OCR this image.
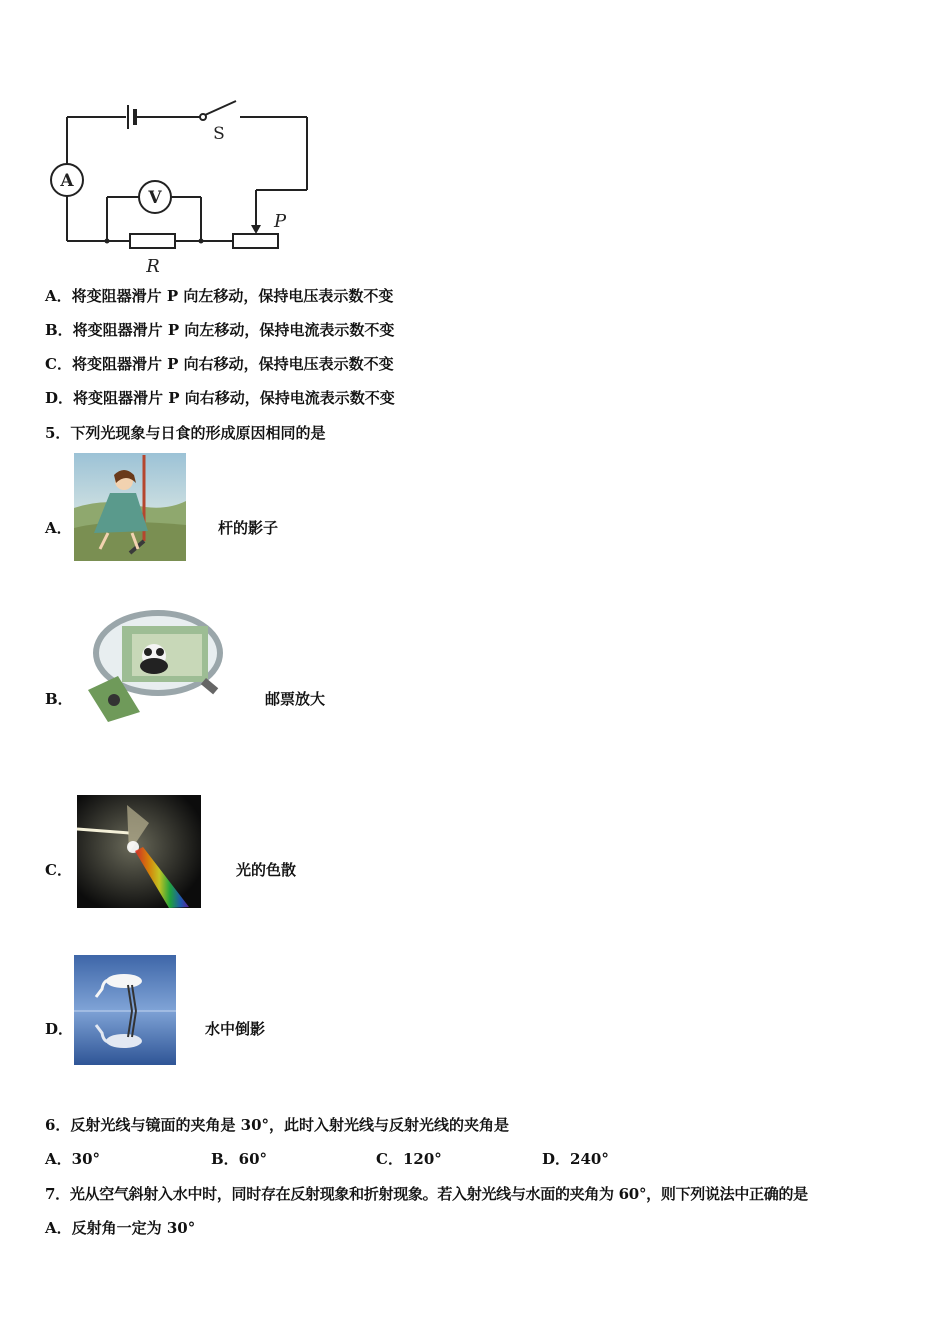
A
V
R
P
S
A．将变阻器滑片 P 向左移动，保持电压表示数不变
B．将变阻器滑片 P 向左移动，保持电流表示数不变
C．将变阻器滑片 P 向右移动，保持电压表示数不变
D．将变阻器滑片 P 向右移动，保持电流表示数不变
5．下列光现象与日食的形成原因相同的是
A．	杆的影子
B．	邮票放大
C．	光的色散
D．	水中倒影
6．反射光线与镜面的夹角是 30°，此时入射光线与反射光线的夹角是
A．30°	B．60°	C．120°	D．240°
7．光从空气斜射入水中时，同时存在反射现象和折射现象。若入射光线与水面的夹角为 60°，则下列说法中正确的是
A．反射角一定为 30°
